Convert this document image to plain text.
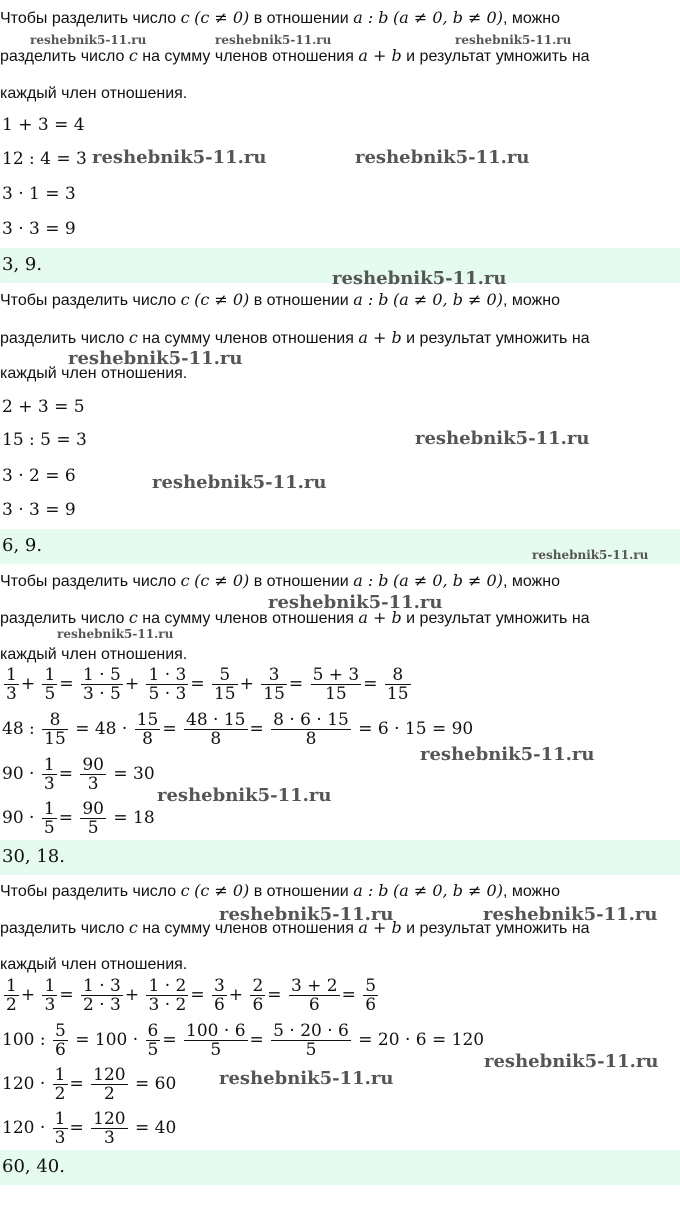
Чтобы разделить число c (c ≠ 0) в отношении a : b (a ≠ 0, b ≠ 0), можно
разделить число c на сумму членов отношения a + b и результат умножить на
каждый член отношения.
1 + 3 = 4
12 : 4 = 3
3 · 1 = 3
3 · 3 = 9
3, 9.
Чтобы разделить число c (c ≠ 0) в отношении a : b (a ≠ 0, b ≠ 0), можно
разделить число c на сумму членов отношения a + b и результат умножить на
каждый член отношения.
2 + 3 = 5
15 : 5 = 3
3 · 2 = 6
3 · 3 = 9
6, 9.
Чтобы разделить число c (c ≠ 0) в отношении a : b (a ≠ 0, b ≠ 0), можно
разделить число c на сумму членов отношения a + b и результат умножить на
каждый член отношения.
$\frac{1}{3} + \frac{1}{5} = \frac{1 \cdot 5}{3 \cdot 5} + \frac{1 \cdot 3}{5 \cdot 3} = \frac{5}{15} + \frac{3}{15} = \frac{5 + 3}{15} = \frac{8}{15}$
48 : $\frac{8}{15} = 48 \cdot \frac{15}{8} = \frac{48 \cdot 15}{8} = \frac{8 \cdot 6 \cdot 15}{8} = 6 \cdot 15 = 90$
$90 \cdot \frac{1}{3} = \frac{90}{3} = 30$
$90 \cdot \frac{1}{5} = \frac{90}{5} = 18$
30, 18.
Чтобы разделить число c (c ≠ 0) в отношении a : b (a ≠ 0, b ≠ 0), можно
разделить число c на сумму членов отношения a + b и результат умножить на
каждый член отношения.
$\frac{1}{2} + \frac{1}{3} = \frac{1 \cdot 3}{2 \cdot 3} + \frac{1 \cdot 2}{3 \cdot 2} = \frac{3}{6} + \frac{2}{6} = \frac{3 + 2}{6} = \frac{5}{6}$
100 : $\frac{5}{6} = 100 \cdot \frac{6}{5} = \frac{100 \cdot 6}{5} = \frac{5 \cdot 20 \cdot 6}{5} = 20 \cdot 6 = 120$
$120 \cdot \frac{1}{2} = \frac{120}{2} = 60$
$120 \cdot \frac{1}{3} = \frac{120}{3} = 40$
60, 40.
reshebnik5-11.ru	reshebnik5-11.ru	reshebnik5-11.ru
reshebnik5-11.ru	reshebnik5-11.ru
reshebnik5-11.ru
reshebnik5-11.ru
reshebnik5-11.ru
reshebnik5-11.ru
reshebnik5-11.ru
reshebnik5-11.ru
reshebnik5-11.ru
reshebnik5-11.ru
reshebnik5-11.ru
reshebnik5-11.ru	reshebnik5-11.ru
reshebnik5-11.ru
reshebnik5-11.ru
